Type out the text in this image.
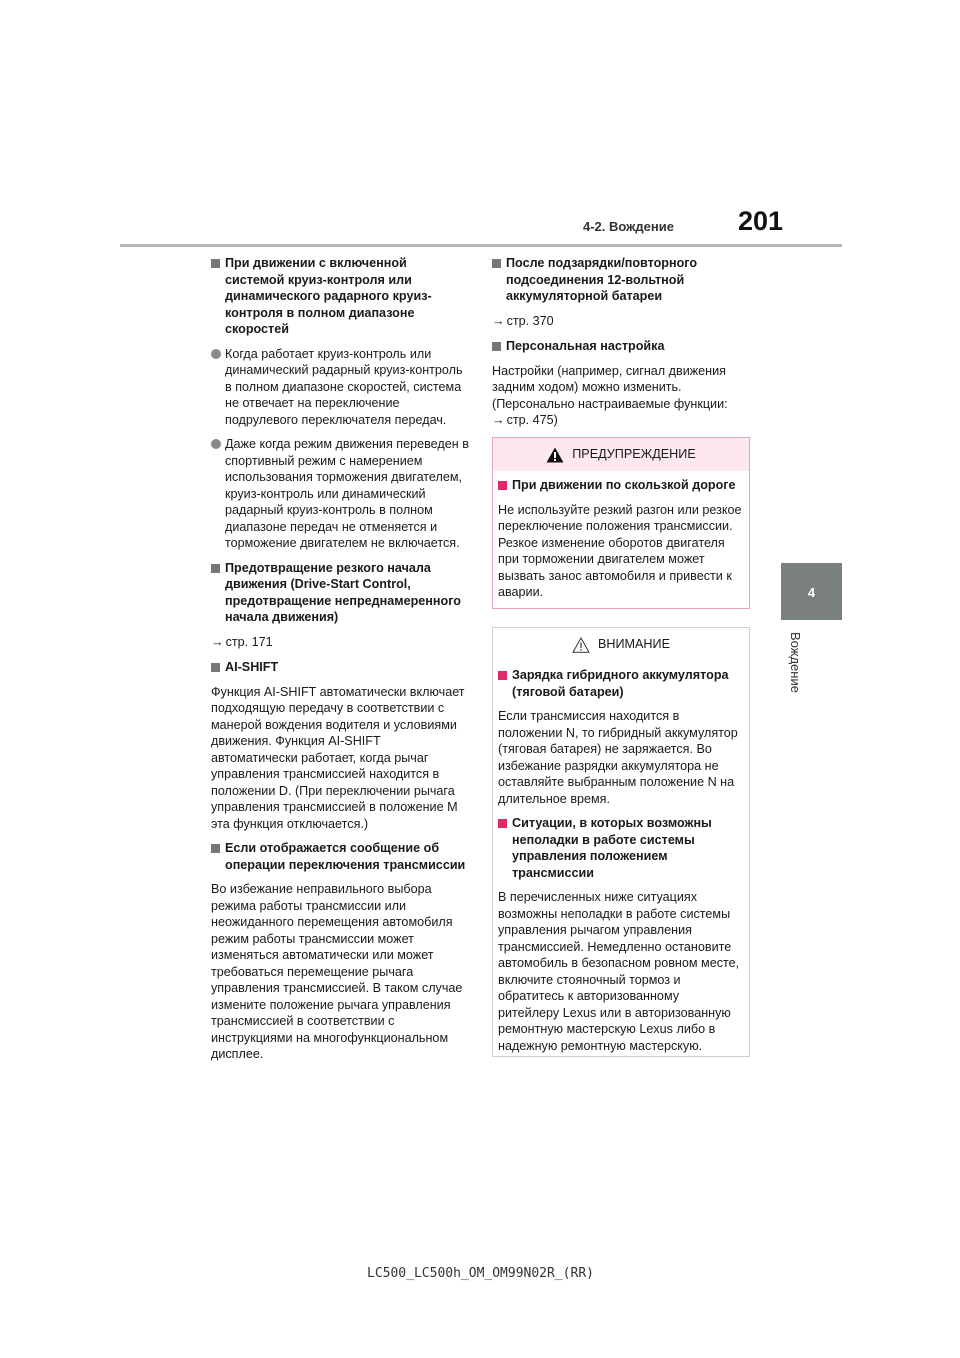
4-2. Вождение 201
4
Вождение
При движении с включенной системой круиз-контроля или динамического радарного круиз-контроля в полном диапазоне скоростей
Когда работает круиз-контроль или динамический радарный круиз-контроль в полном диапазоне скоростей, система не отвечает на переключение подрулевого переключателя передач.
Даже когда режим движения переведен в спортивный режим с намерением использования торможения двигателем, круиз-контроль или динамический радарный круиз-контроль в полном диапазоне передач не отменяется и торможение двигателем не включается.
Предотвращение резкого начала движения (Drive-Start Control, предотвращение непреднамеренного начала движения)
→ стр. 171
AI-SHIFT

Функция AI-SHIFT автоматически включает подходящую передачу в соответствии с манерой вождения водителя и условиями движения. Функция AI-SHIFT автоматически работает, когда рычаг управления трансмиссией находится в положении D. (При переключении рычага управления трансмиссией в положение M эта функция отключается.)

Если отображается сообщение об операции переключения трансмиссии

Во избежание неправильного выбора режима работы трансмиссии или неожиданного перемещения автомобиля режим работы трансмиссии может изменяться автоматически или может требоваться перемещение рычага управления трансмиссией. В таком случае измените положение рычага управления трансмиссией в соответствии с инструкциями на многофункциональном дисплее.

После подзарядки/повторного подсоединения 12-вольтной аккумуляторной батареи
→ стр. 370
Персональная настройка
Настройки (например, сигнал движения задним ходом) можно изменить.
(Персонально настраиваемые функции:
→ стр. 475)
ПРЕДУПРЕЖДЕНИЕ
При движении по скользкой дороге
Не используйте резкий разгон или резкое переключение положения трансмиссии.
Резкое изменение оборотов двигателя при торможении двигателем может вызвать занос автомобиля и привести к аварии.
ВНИМАНИЕ
Зарядка гибридного аккумулятора (тяговой батареи)

Если трансмиссия находится в положении N, то гибридный аккумулятор (тяговая батарея) не заряжается. Во избежание разрядки аккумулятора не оставляйте выбранным положение N на длительное время.

Ситуации, в которых возможны неполадки в работе системы управления положением трансмиссии

В перечисленных ниже ситуациях возможны неполадки в работе системы управления рычагом управления трансмиссией. Немедленно остановите автомобиль в безопасном ровном месте, включите стояночный тормоз и обратитесь к авторизованному ритейлеру Lexus или в авторизованную ремонтную мастерскую Lexus либо в надежную ремонтную мастерскую.

LC500_LC500h_OM_OM99N02R_(RR)
